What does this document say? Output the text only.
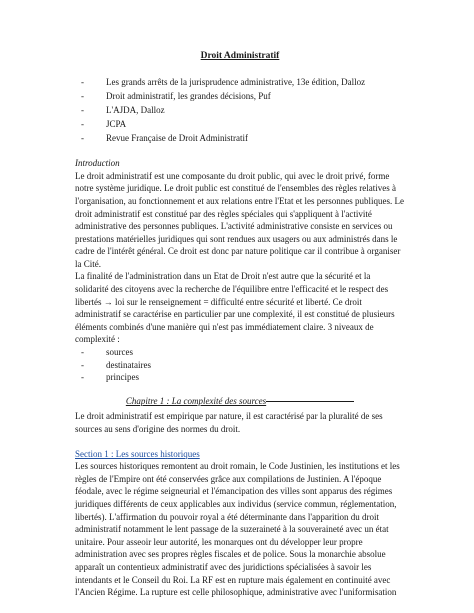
Droit Administratif
-	Les grands arrêts de la jurisprudence administrative, 13e édition, Dalloz
-	Droit administratif, les grandes décisions, Puf
-	L'AJDA, Dalloz
-	JCPA
-	Revue Française de Droit Administratif
Introduction

Le droit administratif est une composante du droit public, qui avec le droit privé, forme notre système juridique. Le droit public est constitué de l'ensembles des règles relatives à l'organisation, au fonctionnement et aux relations entre l'Etat et les personnes publiques. Le droit administratif est constitué par des règles spéciales qui s'appliquent à l'activité administrative des personnes publiques. L'activité administrative consiste en services ou prestations matérielles juridiques qui sont rendues aux usagers ou aux administrés dans le cadre de l'intérêt général. Ce droit est donc par nature politique car il contribue à organiser la Cité.

La finalité de l'administration dans un Etat de Droit n'est autre que la sécurité et la solidarité des citoyens avec la recherche de l'équilibre entre l'efficacité et le respect des libertés → loi sur le renseignement = difficulté entre sécurité et liberté. Ce droit administratif se caractérise en particulier par une complexité, il est constitué de plusieurs éléments combinés d'une manière qui n'est pas immédiatement claire. 3 niveaux de complexité :

-	sources
-	destinataires
-	principes
Chapitre 1 : La complexité des sources

Le droit administratif est empirique par nature, il est caractérisé par la pluralité de ses sources au sens d'origine des normes du droit.

Section 1 : Les sources historiques

Les sources historiques remontent au droit romain, le Code Justinien, les institutions et les règles de l'Empire ont été conservées grâce aux compilations de Justinien. A l'époque féodale, avec le régime seigneurial et l'émancipation des villes sont apparus des régimes juridiques différents de ceux applicables aux individus (service commun, réglementation, libertés). L'affirmation du pouvoir royal a été déterminante dans l'apparition du droit administratif notamment le lent passage de la suzeraineté à la souveraineté avec un état unitaire. Pour asseoir leur autorité, les monarques ont du développer leur propre administration avec ses propres règles fiscales et de police. Sous la monarchie absolue apparaît un contentieux administratif avec des juridictions spécialisées à savoir les intendants et le Conseil du Roi. La RF est en rupture mais également en continuité avec l'Ancien Régime. La rupture est celle philosophique, administrative avec l'uniformisation
